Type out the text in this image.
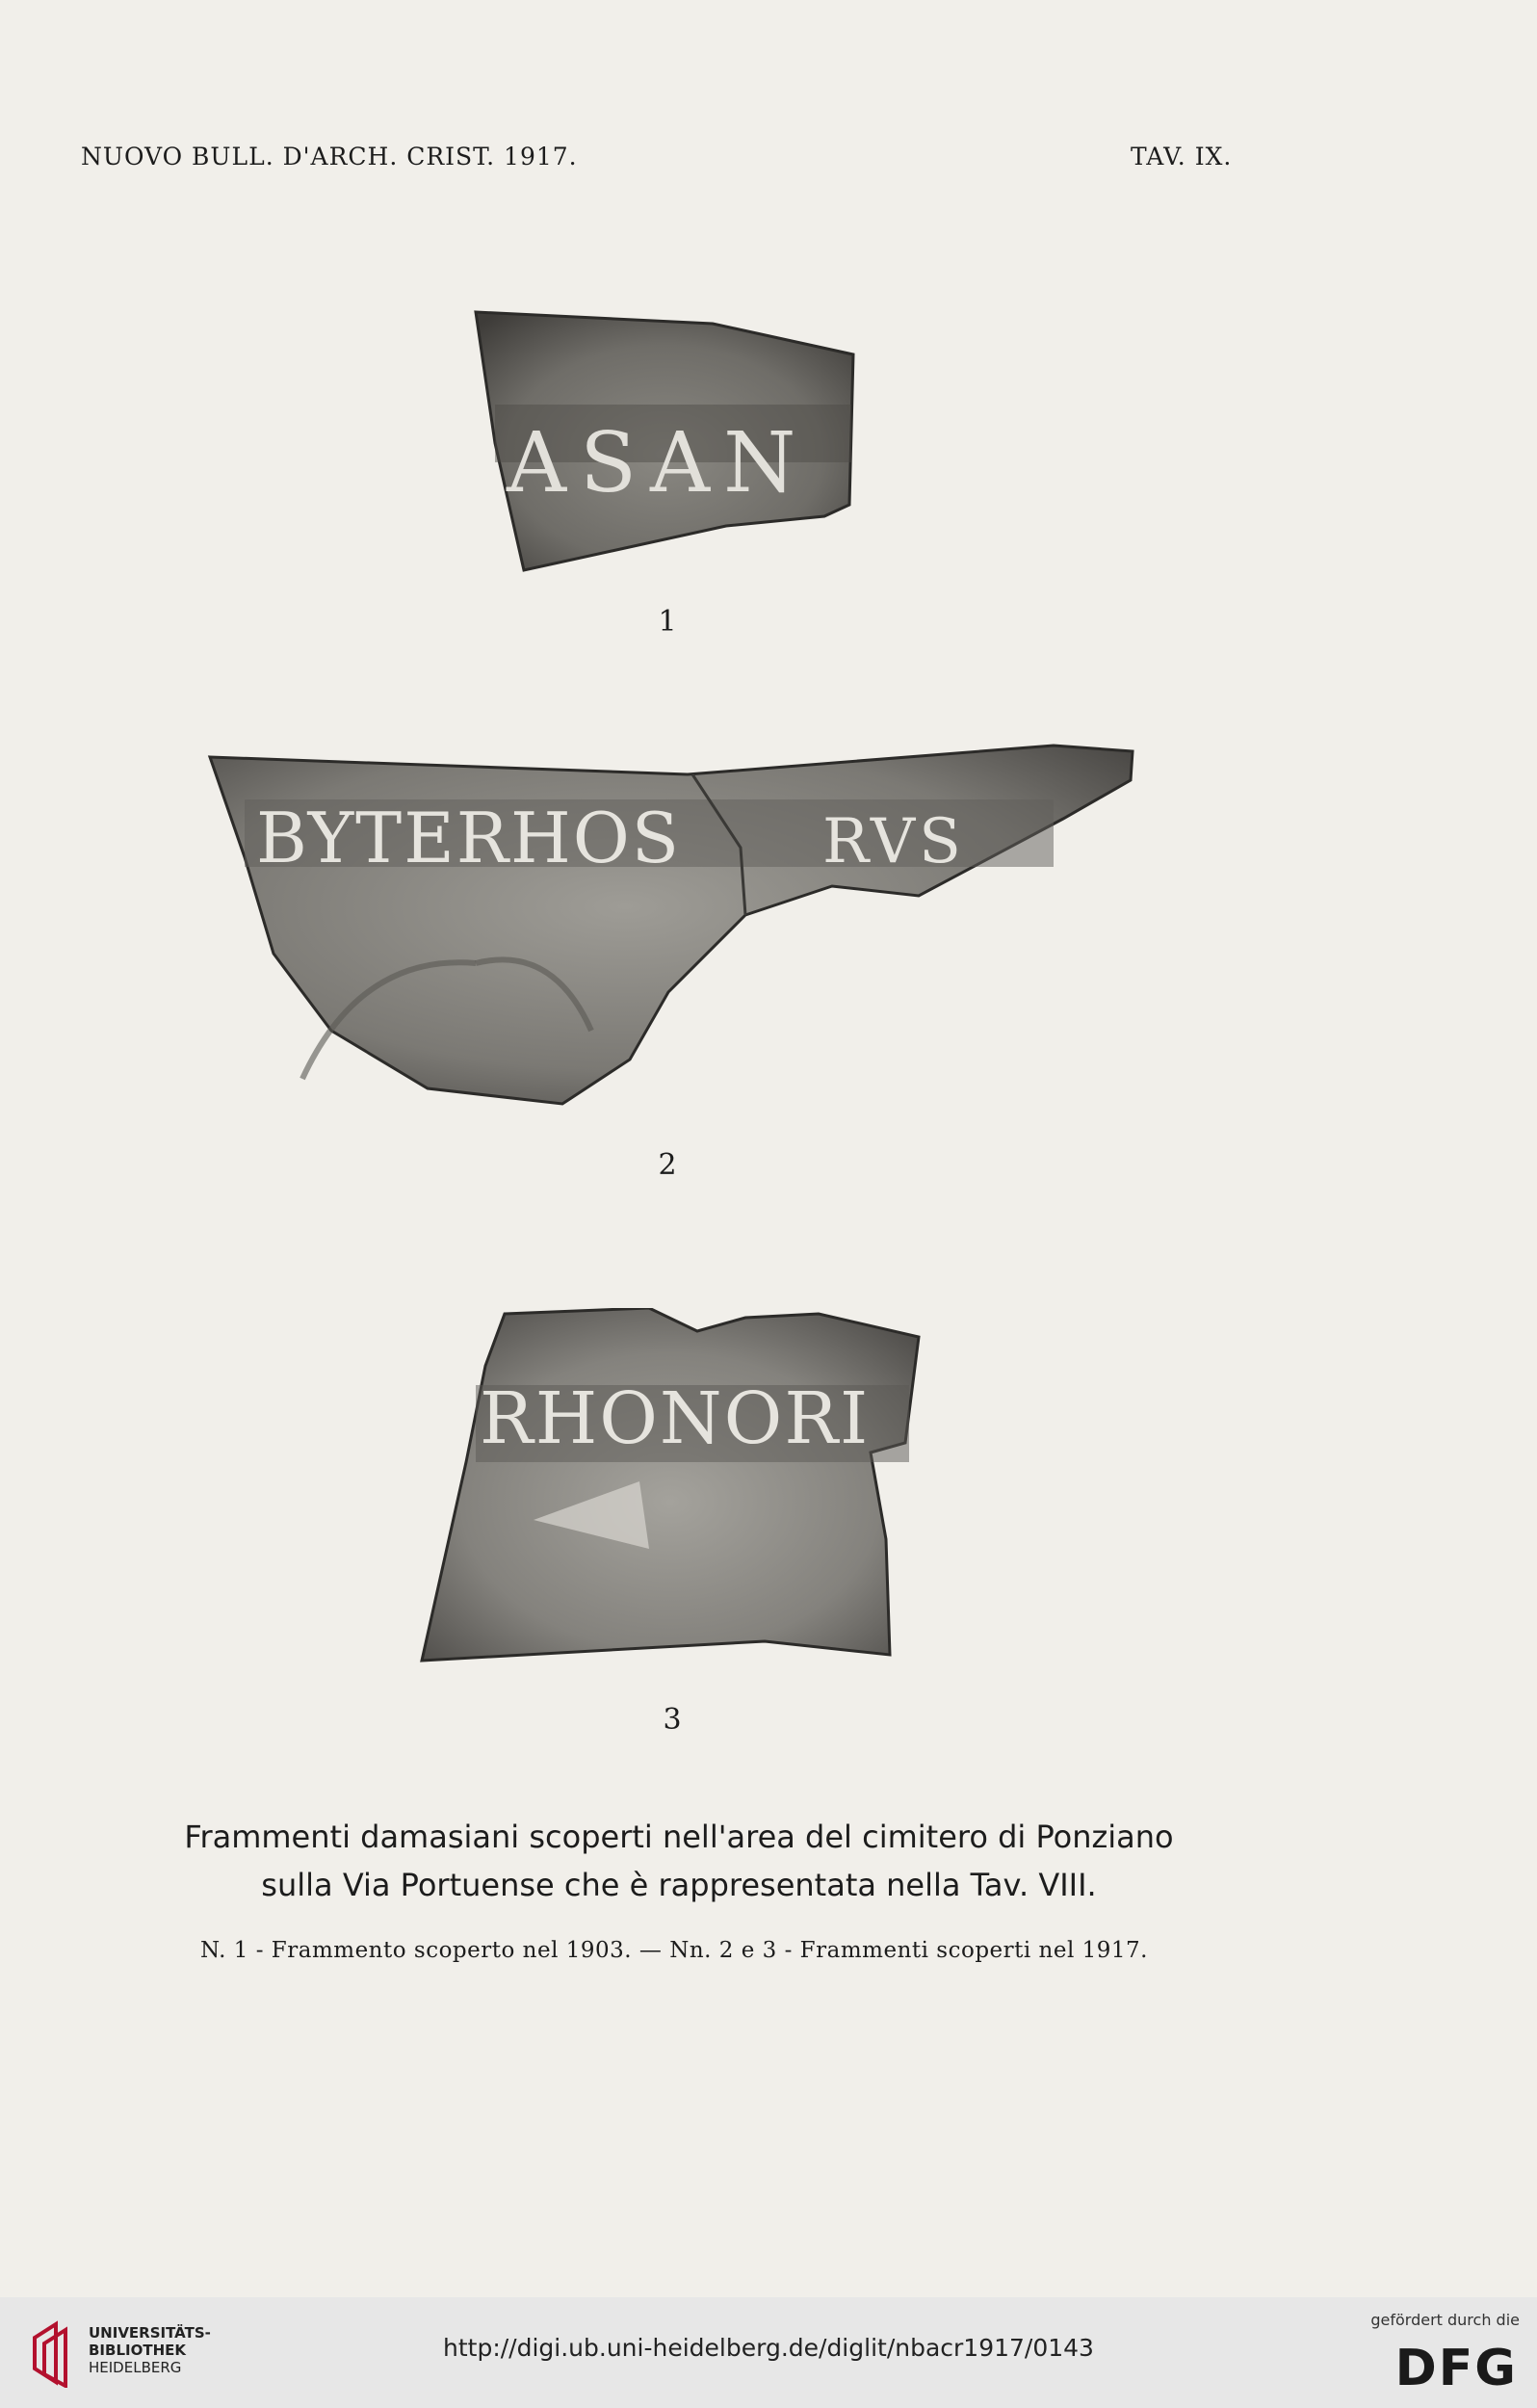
NUOVO BULL. D'ARCH. CRIST. 1917.	TAV. IX.
ASAN
1
BYTERHOS RVS
2
RHONORI
3
Frammenti damasiani scoperti nell'area del cimitero di Ponziano
sulla Via Portuense che è rappresentata nella Tav. VIII.
N. 1 - Frammento scoperto nel 1903. — Nn. 2 e 3 - Frammenti scoperti nel 1917.
UNIVERSITÄTS-
BIBLIOTHEK
HEIDELBERG
http://digi.ub.uni-heidelberg.de/diglit/nbacr1917/0143
gefördert durch die
DFG
